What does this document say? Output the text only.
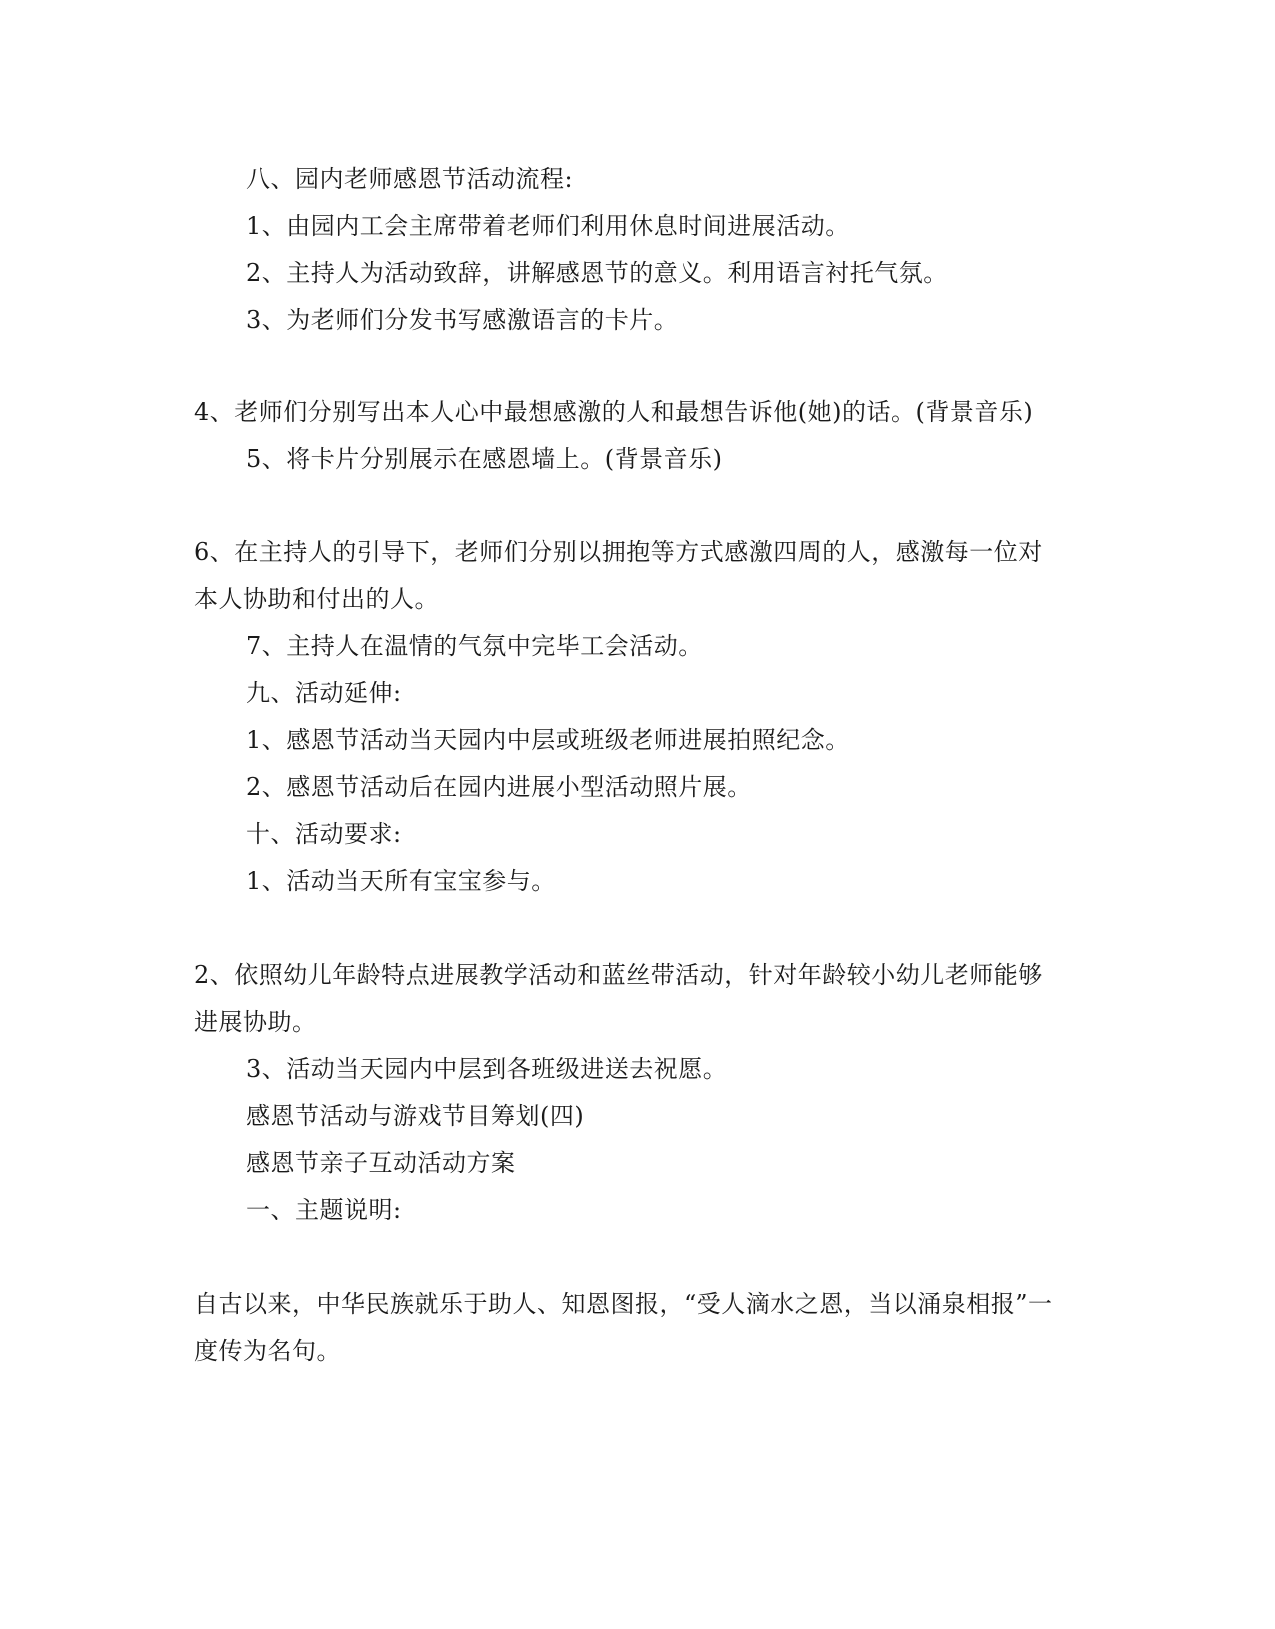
八、园内老师感恩节活动流程:
1、由园内工会主席带着老师们利用休息时间进展活动。
2、主持人为活动致辞，讲解感恩节的意义。利用语言衬托气氛。
3、为老师们分发书写感激语言的卡片。
4、老师们分别写出本人心中最想感激的人和最想告诉他(她)的话。(背景音乐)
5、将卡片分别展示在感恩墙上。(背景音乐)
6、在主持人的引导下，老师们分别以拥抱等方式感激四周的人，感激每一位对
本人协助和付出的人。
7、主持人在温情的气氛中完毕工会活动。
九、活动延伸:
1、感恩节活动当天园内中层或班级老师进展拍照纪念。
2、感恩节活动后在园内进展小型活动照片展。
十、活动要求:
1、活动当天所有宝宝参与。
2、依照幼儿年龄特点进展教学活动和蓝丝带活动，针对年龄较小幼儿老师能够
进展协助。
3、活动当天园内中层到各班级进送去祝愿。
感恩节活动与游戏节目筹划(四)
感恩节亲子互动活动方案
一、主题说明:
自古以来，中华民族就乐于助人、知恩图报，“受人滴水之恩，当以涌泉相报”一
度传为名句。
